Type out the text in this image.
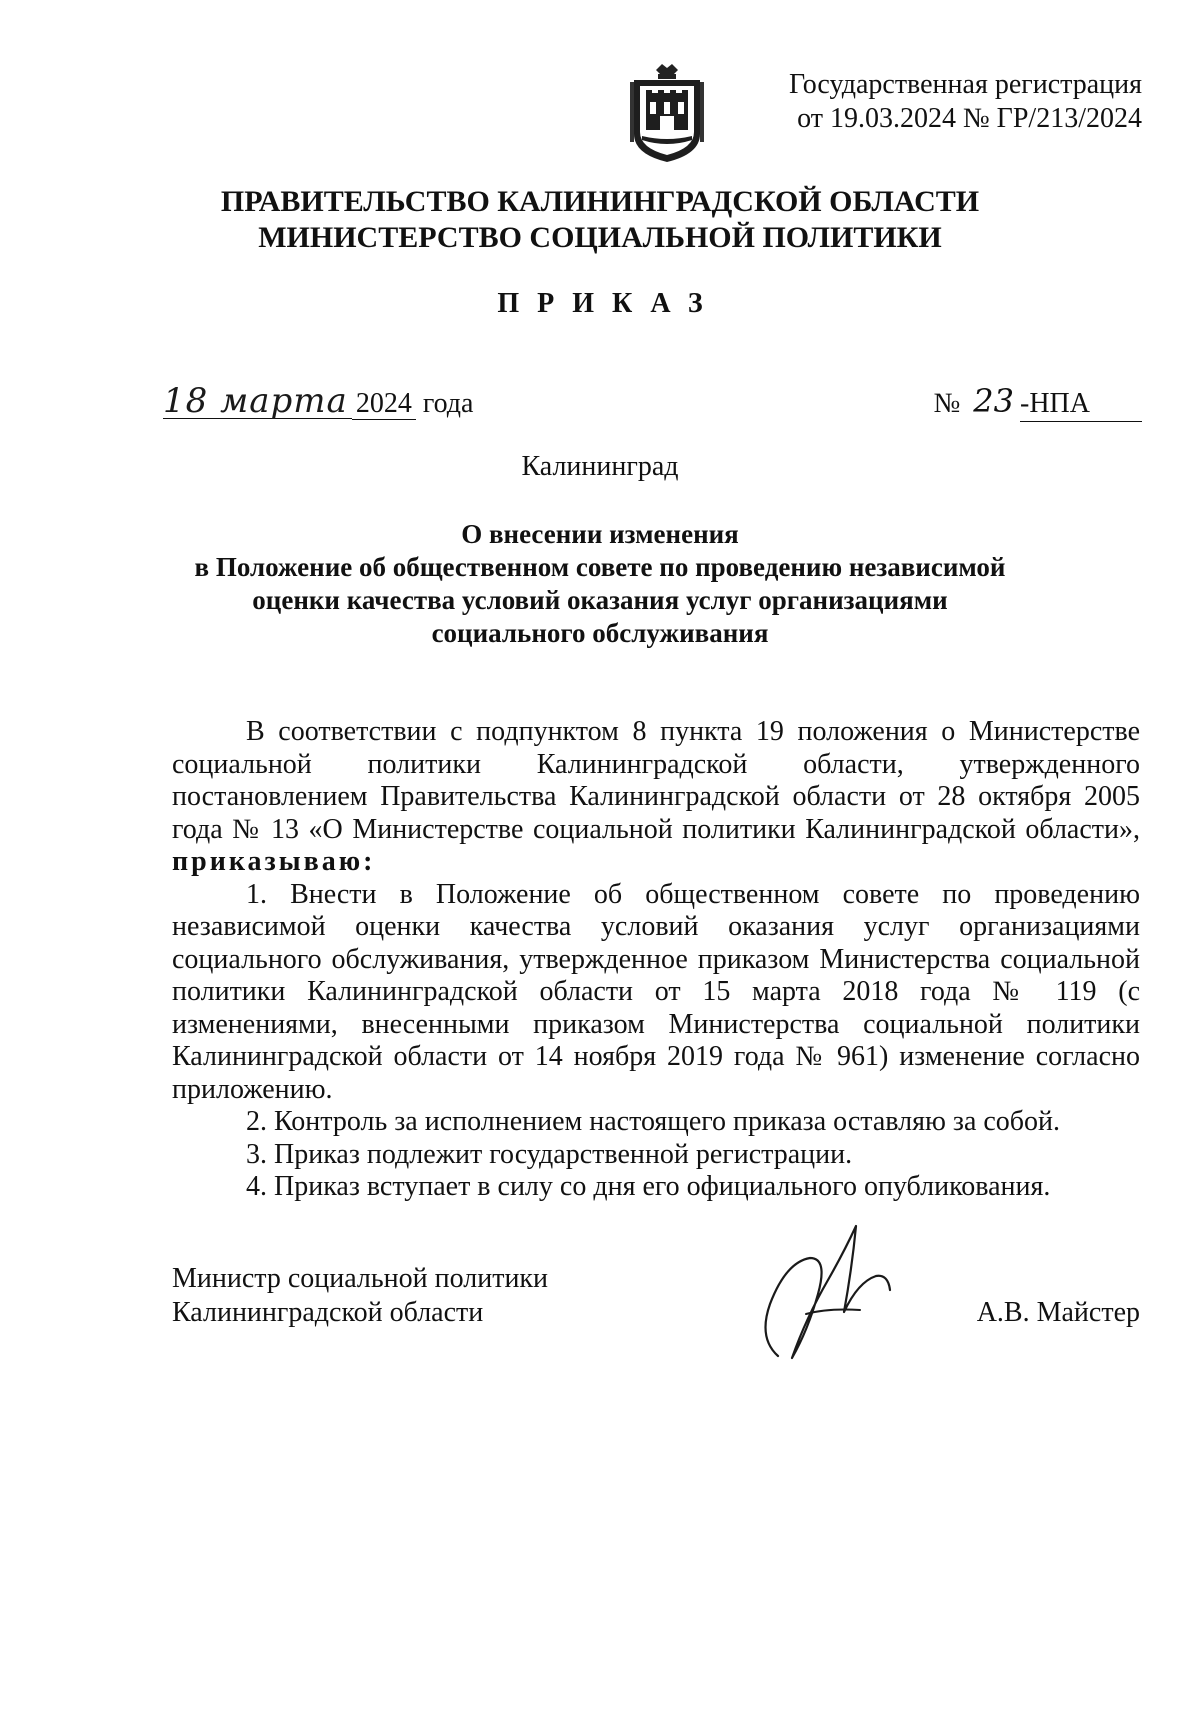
Государственная регистрация
от 19.03.2024 № ГР/213/2024
ПРАВИТЕЛЬСТВО КАЛИНИНГРАДСКОЙ ОБЛАСТИ
МИНИСТЕРСТВО СОЦИАЛЬНОЙ ПОЛИТИКИ
ПРИКАЗ
18 марта 2024 года	№ 23 -НПА
Калининград
О внесении изменения
в Положение об общественном совете по проведению независимой
оценки качества условий оказания услуг организациями
социального обслуживания

В соответствии с подпунктом 8 пункта 19 положения о Министерстве социальной политики Калининградской области, утвержденного постановлением Правительства Калининградской области от 28 октября 2005 года № 13 «О Министерстве социальной политики Калининградской области», приказываю:

1. Внести в Положение об общественном совете по проведению независимой оценки качества условий оказания услуг организациями социального обслуживания, утвержденное приказом Министерства социальной политики Калининградской области от 15 марта 2018 года № 119 (с изменениями, внесенными приказом Министерства социальной политики Калининградской области от 14 ноября 2019 года № 961) изменение согласно приложению.

2. Контроль за исполнением настоящего приказа оставляю за собой.

3. Приказ подлежит государственной регистрации.

4. Приказ вступает в силу со дня его официального опубликования.

Министр социальной политики
Калининградской области	А.В. Майстер
